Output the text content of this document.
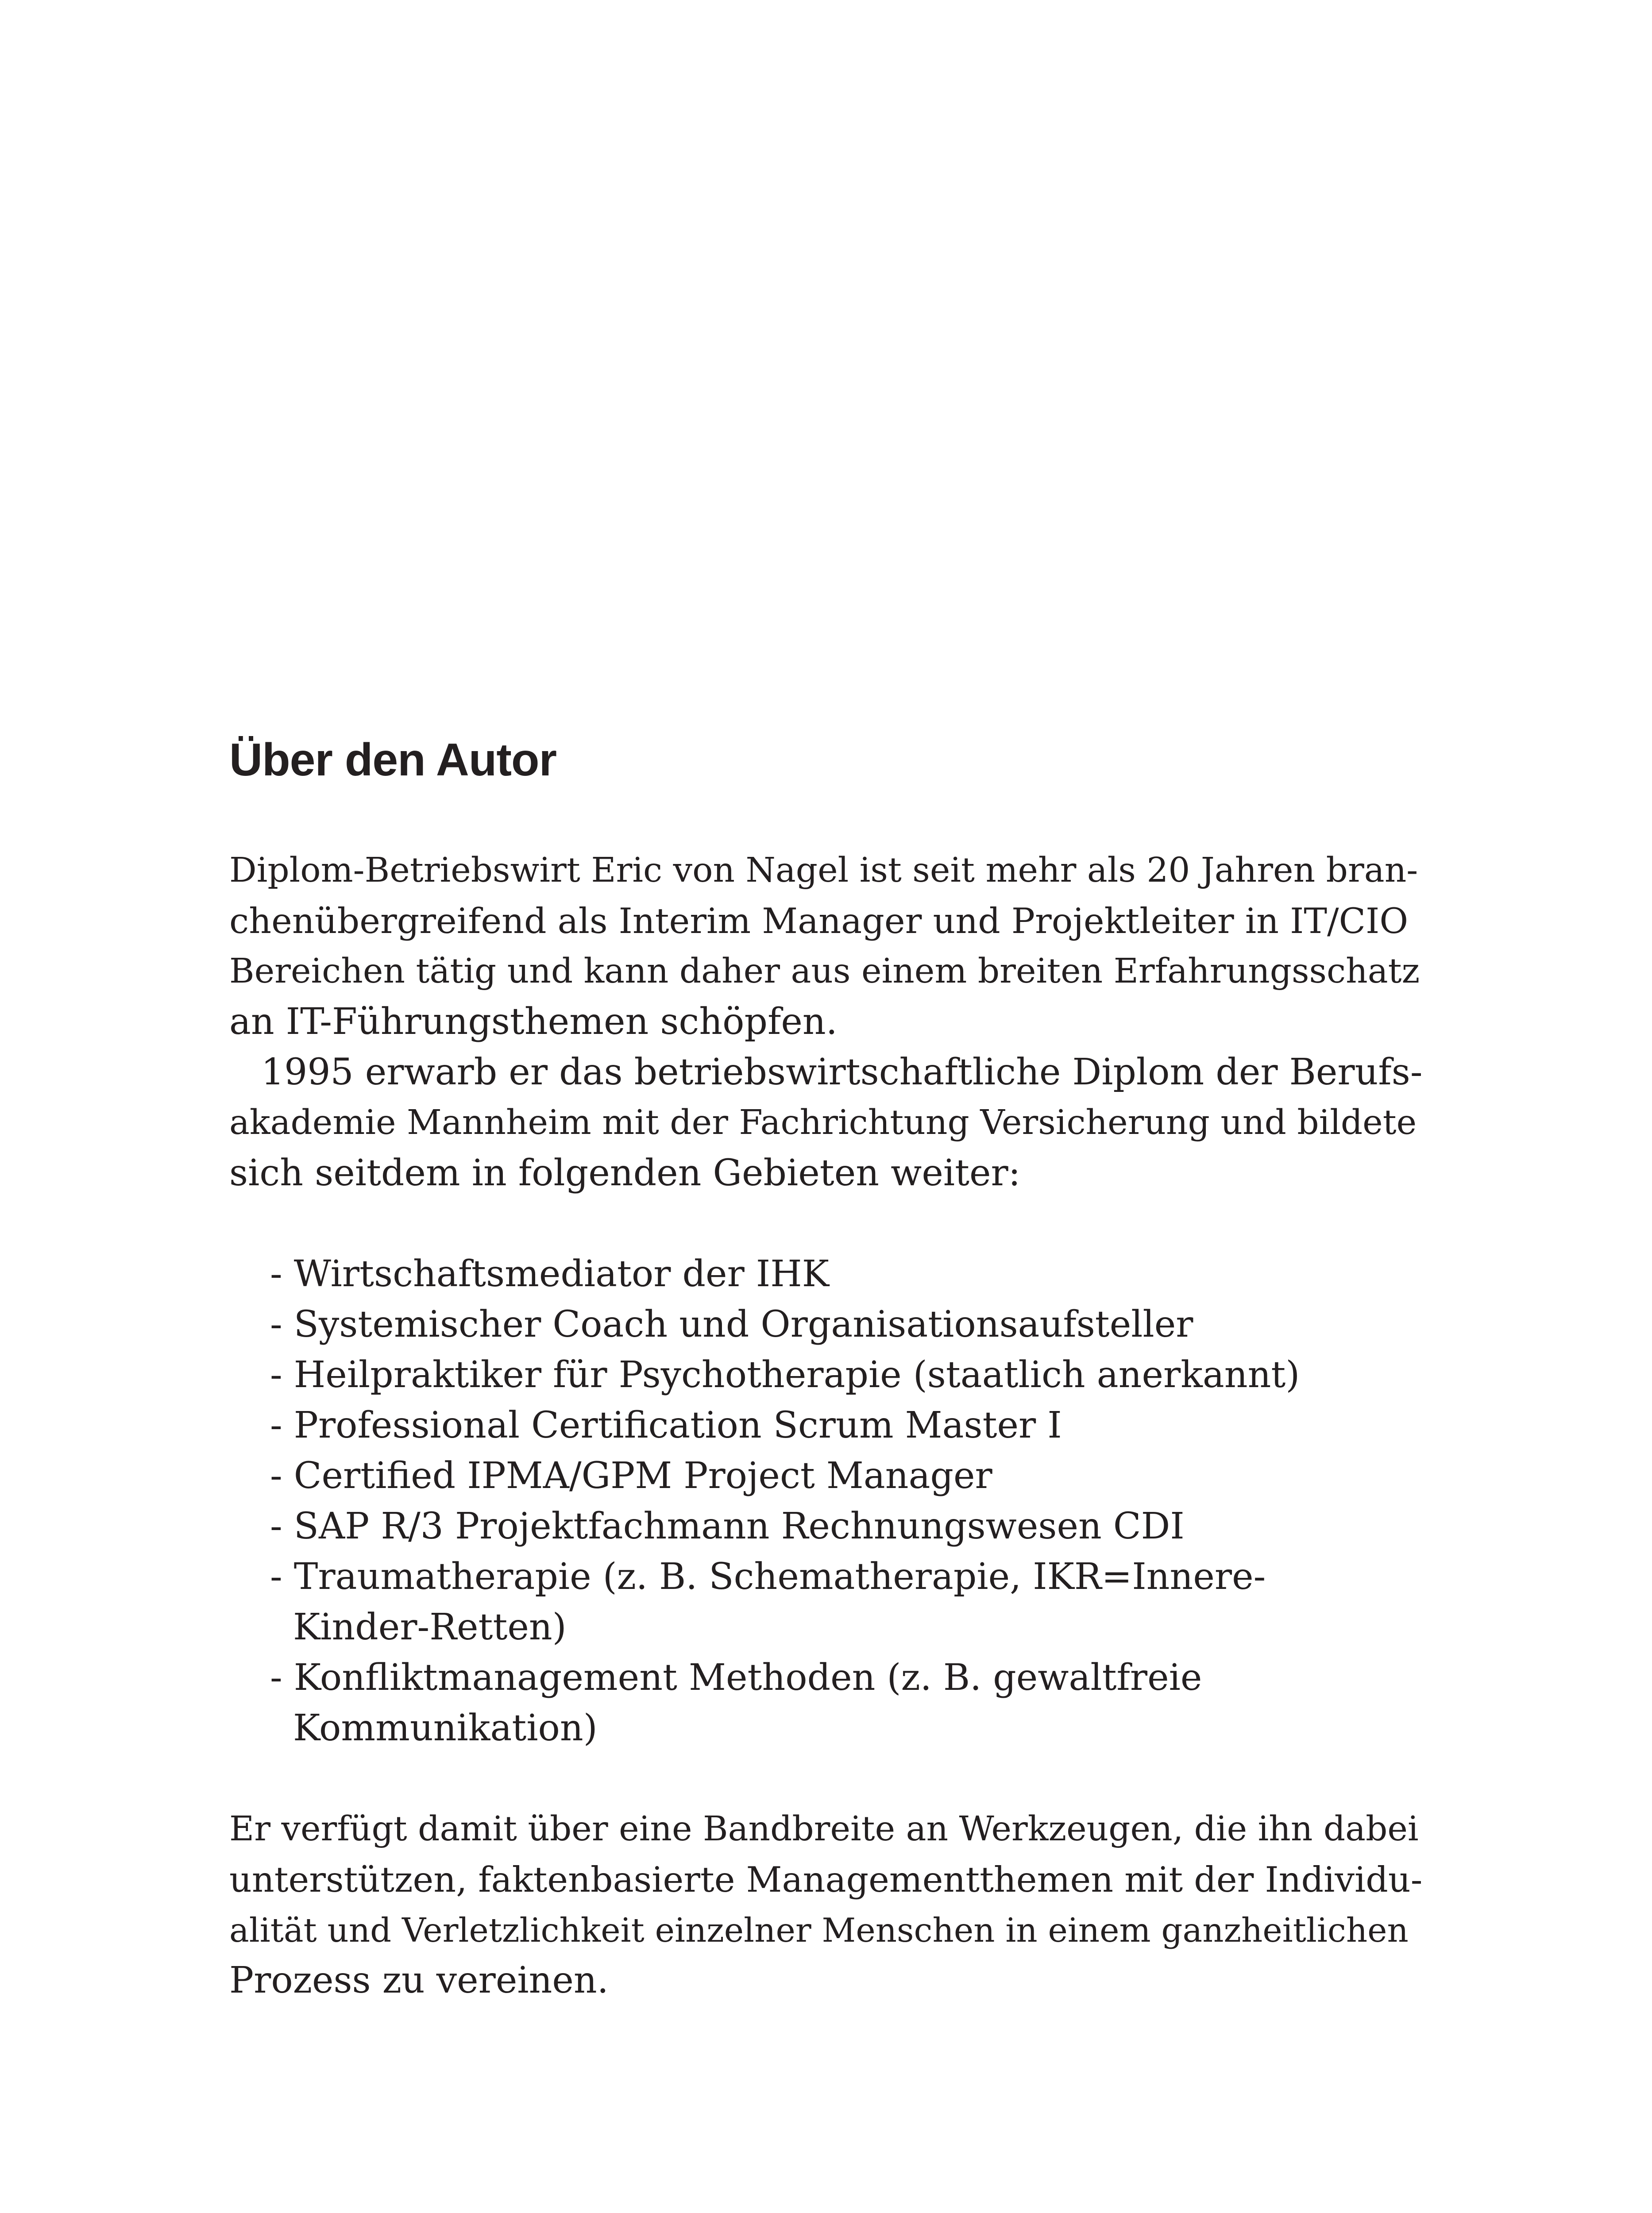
Über den Autor

Diplom-Betriebswirt Eric von Nagel ist seit mehr als 20 Jahren bran-

chenübergreifend als Interim Manager und Projektleiter in IT/CIO

Bereichen tätig und kann daher aus einem breiten Erfahrungsschatz

an IT-Führungsthemen schöpfen.

1995 erwarb er das betriebswirtschaftliche Diplom der Berufs-

akademie Mannheim mit der Fachrichtung Versicherung und bildete

sich seitdem in folgenden Gebieten weiter:

- Wirtschaftsmediator der IHK

- Systemischer Coach und Organisationsaufsteller

- Heilpraktiker für Psychotherapie (staatlich anerkannt)

- Professional Certification Scrum Master I

- Certified IPMA/GPM Project Manager

- SAP R/3 Projektfachmann Rechnungswesen CDI

- Traumatherapie (z. B. Schematherapie, IKR=Innere-

Kinder-Retten)

- Konfliktmanagement Methoden (z. B. gewaltfreie

Kommunikation)

Er verfügt damit über eine Bandbreite an Werkzeugen, die ihn dabei

unterstützen, faktenbasierte Managementthemen mit der Individu-

alität und Verletzlichkeit einzelner Menschen in einem ganzheitlichen

Prozess zu vereinen.
